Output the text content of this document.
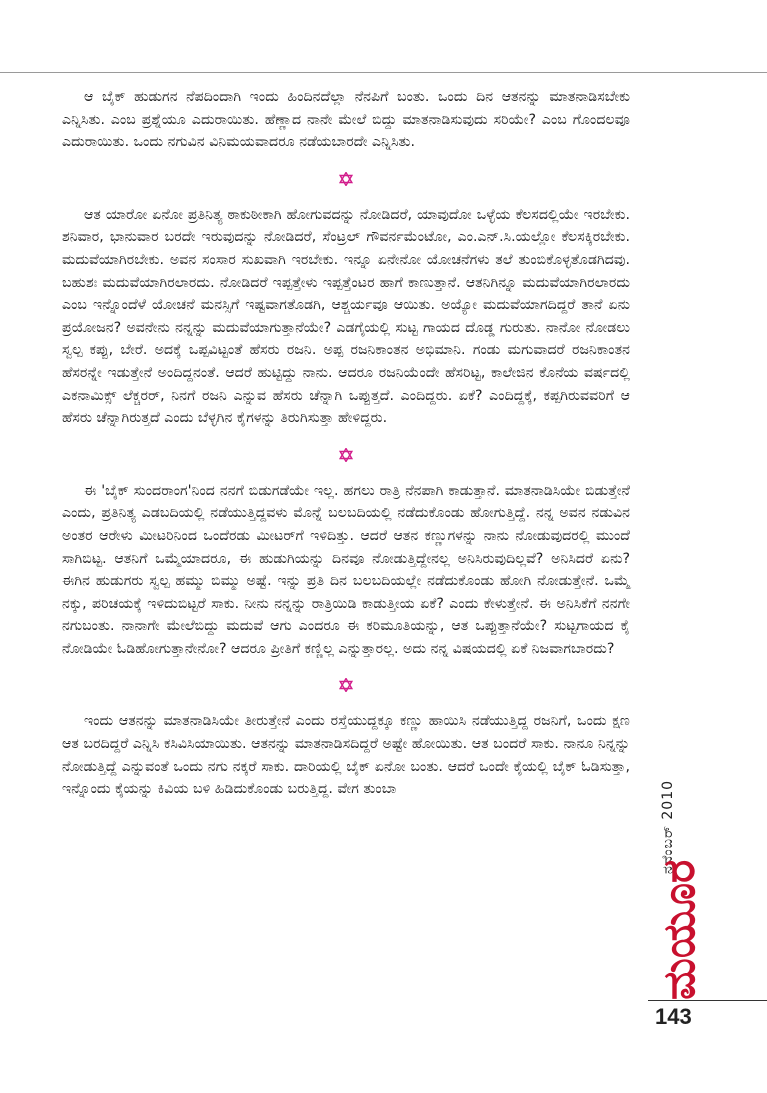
ಆ ಬೈಕ್ ಹುಡುಗನ ನೆಪದಿಂದಾಗಿ ಇಂದು ಹಿಂದಿನದೆಲ್ಲಾ ನೆನಪಿಗೆ ಬಂತು. ಒಂದು ದಿನ ಆತನನ್ನು ಮಾತನಾಡಿಸಬೇಕು ಎನ್ನಿಸಿತು. ಎಂಬ ಪ್ರಶ್ನೆಯೂ ಎದುರಾಯಿತು. ಹೆಣ್ಣಾದ ನಾನೇ ಮೇಲೆ ಬಿದ್ದು ಮಾತನಾಡಿಸುವುದು ಸರಿಯೇ? ಎಂಬ ಗೊಂದಲವೂ ಎದುರಾಯಿತು. ಒಂದು ನಗುವಿನ ವಿನಿಮಯವಾದರೂ ನಡೆಯಬಾರದೇ ಎನ್ನಿಸಿತು.

ಆತ ಯಾರೋ ಏನೋ ಪ್ರತಿನಿತ್ಯ ಠಾಕುಠೀಕಾಗಿ ಹೋಗುವದನ್ನು ನೋಡಿದರೆ, ಯಾವುದೋ ಒಳ್ಳೆಯ ಕೆಲಸದಲ್ಲಿಯೇ ಇರಬೇಕು. ಶನಿವಾರ, ಭಾನುವಾರ ಬರದೇ ಇರುವುದನ್ನು ನೋಡಿದರೆ, ಸೆಂಟ್ರಲ್ ಗೌವರ್ನಮೆಂಟೋ, ಎಂ.ಎನ್.ಸಿ.ಯಲ್ಲೋ ಕೆಲಸಕ್ಕಿರಬೇಕು. ಮದುವೆಯಾಗಿರಬೇಕು. ಅವನ ಸಂಸಾರ ಸುಖವಾಗಿ ಇರಬೇಕು. ಇನ್ನೂ ಏನೇನೋ ಯೋಚನೆಗಳು ತಲೆ ತುಂಬಿಕೊಳ್ಳತೊಡಗಿದವು. ಬಹುಶಃ ಮದುವೆಯಾಗಿರಲಾರದು. ನೋಡಿದರೆ ಇಪ್ಪತ್ತೇಳು ಇಪ್ಪತ್ತೆಂಟರ ಹಾಗೆ ಕಾಣುತ್ತಾನೆ. ಆತನಿಗಿನ್ನೂ ಮದುವೆಯಾಗಿರಲಾರದು ಎಂಬ ಇನ್ನೊಂದೆಳೆ ಯೋಚನೆ ಮನಸ್ಸಿಗೆ ಇಷ್ಟವಾಗತೊಡಗಿ, ಆಶ್ಚರ್ಯವೂ ಆಯಿತು. ಅಯ್ಯೋ ಮದುವೆಯಾಗದಿದ್ದರೆ ತಾನೆ ಏನು ಪ್ರಯೋಜನ? ಅವನೇನು ನನ್ನನ್ನು ಮದುವೆಯಾಗುತ್ತಾನೆಯೇ? ಎಡಗೈಯಲ್ಲಿ ಸುಟ್ಟ ಗಾಯದ ದೊಡ್ಡ ಗುರುತು. ನಾನೋ ನೋಡಲು ಸ್ವಲ್ಪ ಕಪ್ಪು, ಬೇರೆ. ಅದಕ್ಕೆ ಒಪ್ಪವಿಟ್ಟಂತೆ ಹೆಸರು ರಜನಿ. ಅಪ್ಪ ರಜನಿಕಾಂತನ ಅಭಿಮಾನಿ. ಗಂಡು ಮಗುವಾದರೆ ರಜನಿಕಾಂತನ ಹೆಸರನ್ನೇ ಇಡುತ್ತೇನೆ ಅಂದಿದ್ದನಂತೆ. ಆದರೆ ಹುಟ್ಟಿದ್ದು ನಾನು. ಆದರೂ ರಜನಿಯೆಂದೇ ಹೆಸರಿಟ್ಟ, ಕಾಲೇಜಿನ ಕೊನೆಯ ವರ್ಷದಲ್ಲಿ ಎಕನಾಮಿಕ್ಸ್ ಲೆಕ್ಚರರ್, ನಿನಗೆ ರಜನಿ ಎನ್ನುವ ಹೆಸರು ಚೆನ್ನಾಗಿ ಒಪ್ಪುತ್ತದೆ. ಎಂದಿದ್ದರು. ಏಕೆ? ಎಂದಿದ್ದಕ್ಕೆ, ಕಪ್ಪಗಿರುವವರಿಗೆ ಆ ಹೆಸರು ಚೆನ್ನಾಗಿರುತ್ತದೆ ಎಂದು ಬೆಳ್ಳಗಿನ ಕೈಗಳನ್ನು ತಿರುಗಿಸುತ್ತಾ ಹೇಳಿದ್ದರು.

ಈ 'ಬೈಕ್ ಸುಂದರಾಂಗ'ನಿಂದ ನನಗೆ ಬಿಡುಗಡೆಯೇ ಇಲ್ಲ. ಹಗಲು ರಾತ್ರಿ ನೆನಪಾಗಿ ಕಾಡುತ್ತಾನೆ. ಮಾತನಾಡಿಸಿಯೇ ಬಿಡುತ್ತೇನೆ ಎಂದು, ಪ್ರತಿನಿತ್ಯ ಎಡಬದಿಯಲ್ಲಿ ನಡೆಯುತ್ತಿದ್ದವಳು ಮೊನ್ನೆ ಬಲಬದಿಯಲ್ಲಿ ನಡೆದುಕೊಂಡು ಹೋಗುತ್ತಿದ್ದೆ. ನನ್ನ ಅವನ ನಡುವಿನ ಅಂತರ ಆರೇಳು ಮೀಟರಿನಿಂದ ಒಂದೆರಡು ಮೀಟರ್‌ಗೆ ಇಳಿದಿತ್ತು. ಆದರೆ ಆತನ ಕಣ್ಣುಗಳನ್ನು ನಾನು ನೋಡುವುದರಲ್ಲಿ ಮುಂದೆ ಸಾಗಿಬಿಟ್ಟ. ಆತನಿಗೆ ಒಮ್ಮೆಯಾದರೂ, ಈ ಹುಡುಗಿಯನ್ನು ದಿನವೂ ನೋಡುತ್ತಿದ್ದೇನಲ್ಲ ಅನಿಸಿರುವುದಿಲ್ಲವೆ? ಅನಿಸಿದರೆ ಏನು? ಈಗಿನ ಹುಡುಗರು ಸ್ವಲ್ಪ ಹಮ್ಮು ಬಿಮ್ಮು ಅಷ್ಟೆ. ಇನ್ನು ಪ್ರತಿ ದಿನ ಬಲಬದಿಯಲ್ಲೇ ನಡೆದುಕೊಂಡು ಹೋಗಿ ನೋಡುತ್ತೇನೆ. ಒಮ್ಮೆ ನಕ್ಕು, ಪರಿಚಯಕ್ಕೆ ಇಳಿದುಬಿಟ್ಟರೆ ಸಾಕು. ನೀನು ನನ್ನನ್ನು ರಾತ್ರಿಯಿಡಿ ಕಾಡುತ್ತೀಯ ಏಕೆ? ಎಂದು ಕೇಳುತ್ತೇನೆ. ಈ ಅನಿಸಿಕೆಗೆ ನನಗೇ ನಗುಬಂತು. ನಾನಾಗೇ ಮೇಲೆಬಿದ್ದು ಮದುವೆ ಆಗು ಎಂದರೂ ಈ ಕರಿಮೂತಿಯನ್ನು, ಆತ ಒಪ್ಪುತ್ತಾನೆಯೇ? ಸುಟ್ಟಗಾಯದ ಕೈ ನೋಡಿಯೇ ಓಡಿಹೋಗುತ್ತಾನೇನೋ? ಆದರೂ ಪ್ರೀತಿಗೆ ಕಣ್ಣಿಲ್ಲ ಎನ್ನುತ್ತಾರಲ್ಲ. ಅದು ನನ್ನ ವಿಷಯದಲ್ಲಿ ಏಕೆ ನಿಜವಾಗಬಾರದು?

ಇಂದು ಆತನನ್ನು ಮಾತನಾಡಿಸಿಯೇ ತೀರುತ್ತೇನೆ ಎಂದು ರಸ್ತೆಯುದ್ದಕ್ಕೂ ಕಣ್ಣು ಹಾಯಿಸಿ ನಡೆಯುತ್ತಿದ್ದ ರಜನಿಗೆ, ಒಂದು ಕ್ಷಣ ಆತ ಬರದಿದ್ದರೆ ಎನ್ನಿಸಿ ಕಸಿವಿಸಿಯಾಯಿತು. ಆತನನ್ನು ಮಾತನಾಡಿಸದಿದ್ದರೆ ಅಷ್ಟೇ ಹೋಯಿತು. ಆತ ಬಂದರೆ ಸಾಕು. ನಾನೂ ನಿನ್ನನ್ನು ನೋಡುತ್ತಿದ್ದೆ ಎನ್ನುವಂತೆ ಒಂದು ನಗು ನಕ್ಕರೆ ಸಾಕು. ದಾರಿಯಲ್ಲಿ ಬೈಕ್ ಏನೋ ಬಂತು. ಆದರೆ ಒಂದೇ ಕೈಯಲ್ಲಿ ಬೈಕ್ ಓಡಿಸುತ್ತಾ, ಇನ್ನೊಂದು ಕೈಯನ್ನು ಕಿವಿಯ ಬಳಿ ಹಿಡಿದುಕೊಂಡು ಬರುತ್ತಿದ್ದ. ವೇಗ ತುಂಬಾ	ನವೆಂಬರ್ 2010
ಮಯೂರ
143
